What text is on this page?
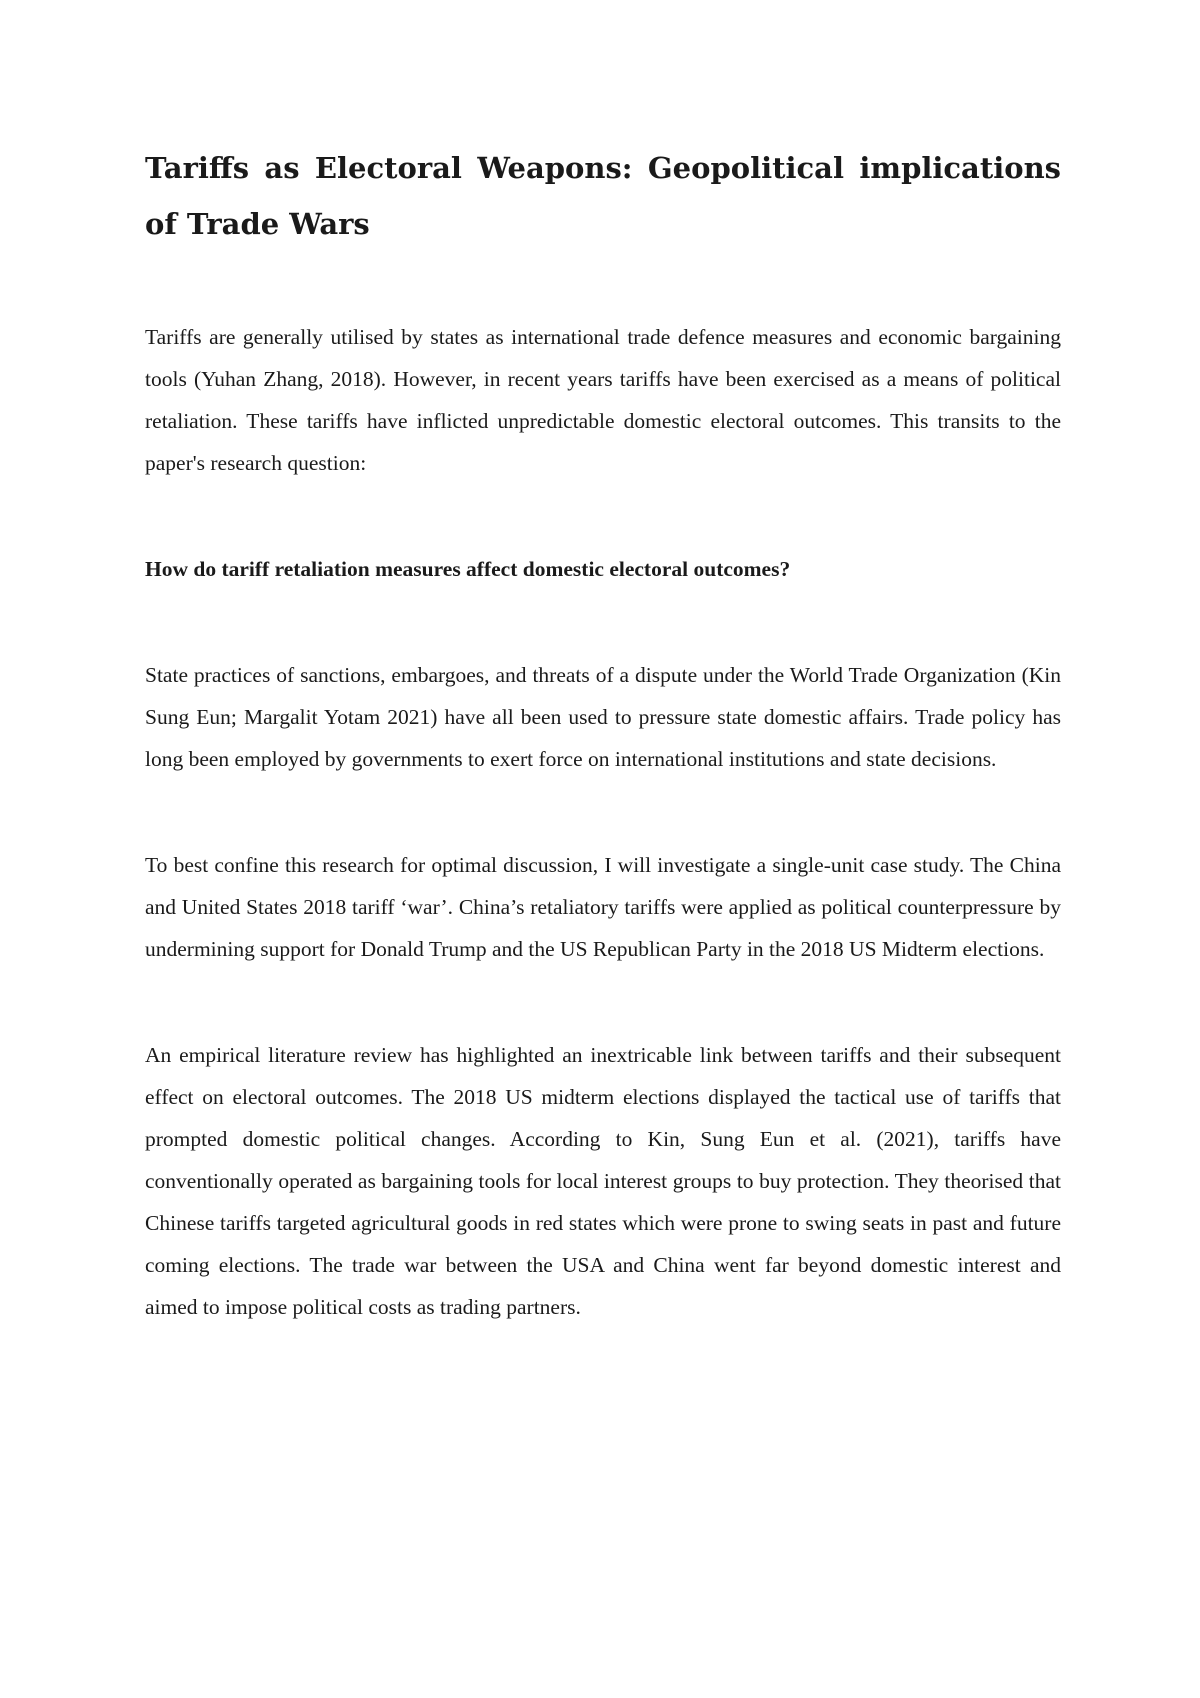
Tariffs as Electoral Weapons: Geopolitical implications of Trade Wars

Tariffs are generally utilised by states as international trade defence measures and economic bargaining tools (Yuhan Zhang, 2018). However, in recent years tariffs have been exercised as a means of political retaliation. These tariffs have inflicted unpredictable domestic electoral outcomes. This transits to the paper's research question:

How do tariff retaliation measures affect domestic electoral outcomes?

State practices of sanctions, embargoes, and threats of a dispute under the World Trade Organization (Kin Sung Eun; Margalit Yotam 2021) have all been used to pressure state domestic affairs. Trade policy has long been employed by governments to exert force on international institutions and state decisions.

To best confine this research for optimal discussion, I will investigate a single-unit case study. The China and United States 2018 tariff ‘war’. China’s retaliatory tariffs were applied as political counterpressure by undermining support for Donald Trump and the US Republican Party in the 2018 US Midterm elections.

An empirical literature review has highlighted an inextricable link between tariffs and their subsequent effect on electoral outcomes. The 2018 US midterm elections displayed the tactical use of tariffs that prompted domestic political changes. According to Kin, Sung Eun et al. (2021), tariffs have conventionally operated as bargaining tools for local interest groups to buy protection. They theorised that Chinese tariffs targeted agricultural goods in red states which were prone to swing seats in past and future coming elections. The trade war between the USA and China went far beyond domestic interest and aimed to impose political costs as trading partners.
